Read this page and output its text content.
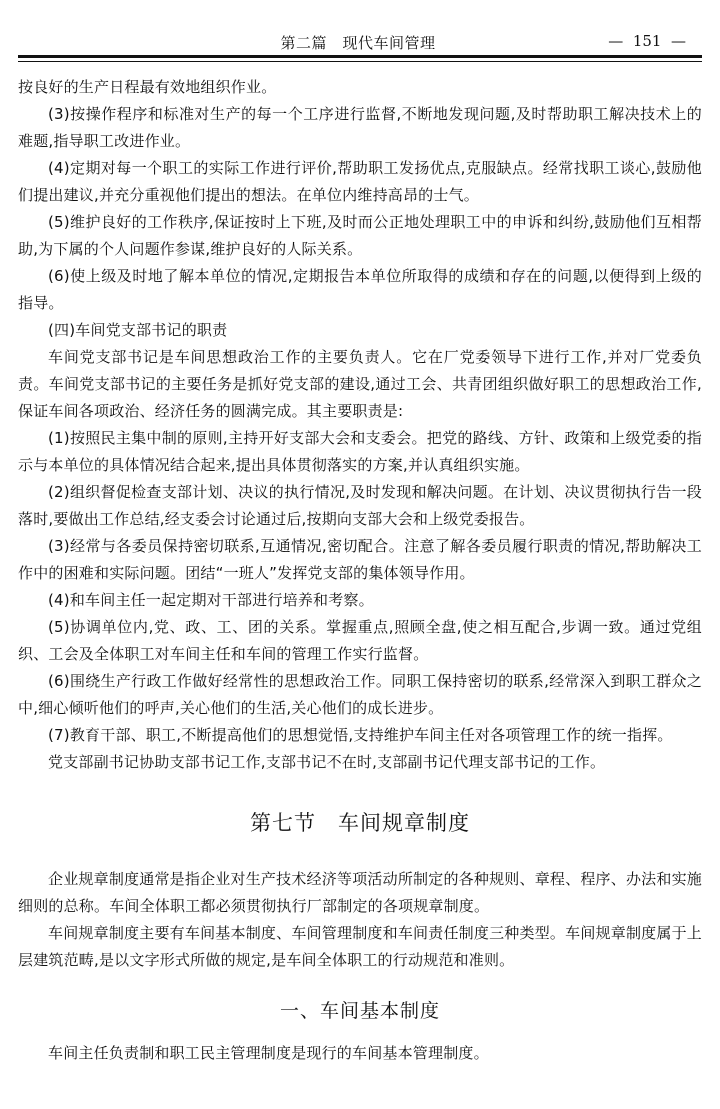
第二篇　现代车间管理	—  151  —

按良好的生产日程最有效地组织作业。

(3)按操作程序和标准对生产的每一个工序进行监督,不断地发现问题,及时帮助职工解决技术上的难题,指导职工改进作业。

(4)定期对每一个职工的实际工作进行评价,帮助职工发扬优点,克服缺点。经常找职工谈心,鼓励他们提出建议,并充分重视他们提出的想法。在单位内维持高昂的士气。

(5)维护良好的工作秩序,保证按时上下班,及时而公正地处理职工中的申诉和纠纷,鼓励他们互相帮助,为下属的个人问题作参谋,维护良好的人际关系。

(6)使上级及时地了解本单位的情况,定期报告本单位所取得的成绩和存在的问题,以便得到上级的指导。

(四)车间党支部书记的职责

车间党支部书记是车间思想政治工作的主要负责人。它在厂党委领导下进行工作,并对厂党委负责。车间党支部书记的主要任务是抓好党支部的建设,通过工会、共青团组织做好职工的思想政治工作,保证车间各项政治、经济任务的圆满完成。其主要职责是:

(1)按照民主集中制的原则,主持开好支部大会和支委会。把党的路线、方针、政策和上级党委的指示与本单位的具体情况结合起来,提出具体贯彻落实的方案,并认真组织实施。

(2)组织督促检查支部计划、决议的执行情况,及时发现和解决问题。在计划、决议贯彻执行告一段落时,要做出工作总结,经支委会讨论通过后,按期向支部大会和上级党委报告。

(3)经常与各委员保持密切联系,互通情况,密切配合。注意了解各委员履行职责的情况,帮助解决工作中的困难和实际问题。团结“一班人”发挥党支部的集体领导作用。

(4)和车间主任一起定期对干部进行培养和考察。

(5)协调单位内,党、政、工、团的关系。掌握重点,照顾全盘,使之相互配合,步调一致。通过党组织、工会及全体职工对车间主任和车间的管理工作实行监督。

(6)围绕生产行政工作做好经常性的思想政治工作。同职工保持密切的联系,经常深入到职工群众之中,细心倾听他们的呼声,关心他们的生活,关心他们的成长进步。

(7)教育干部、职工,不断提高他们的思想觉悟,支持维护车间主任对各项管理工作的统一指挥。

党支部副书记协助支部书记工作,支部书记不在时,支部副书记代理支部书记的工作。

第七节　车间规章制度

企业规章制度通常是指企业对生产技术经济等项活动所制定的各种规则、章程、程序、办法和实施细则的总称。车间全体职工都必须贯彻执行厂部制定的各项规章制度。

车间规章制度主要有车间基本制度、车间管理制度和车间责任制度三种类型。车间规章制度属于上层建筑范畴,是以文字形式所做的规定,是车间全体职工的行动规范和准则。

一、车间基本制度

车间主任负责制和职工民主管理制度是现行的车间基本管理制度。
